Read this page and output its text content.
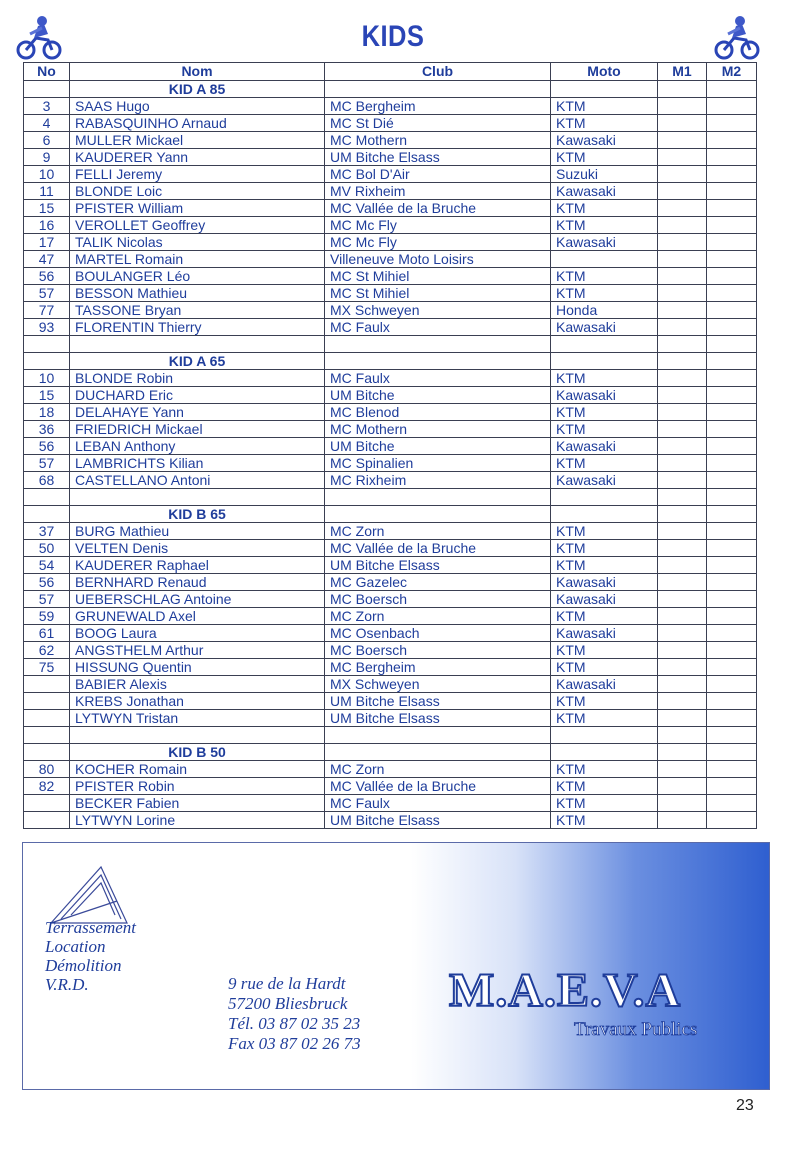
KIDS
No	Nom	Club	Moto	M1	M2
	KID A 85				
3	SAAS Hugo	MC Bergheim	KTM		
4	RABASQUINHO Arnaud	MC St Dié	KTM		
6	MULLER Mickael	MC Mothern	Kawasaki		
9	KAUDERER Yann	UM Bitche Elsass	KTM		
10	FELLI Jeremy	MC Bol D'Air	Suzuki		
11	BLONDE Loic	MV Rixheim	Kawasaki		
15	PFISTER William	MC Vallée de la Bruche	KTM		
16	VEROLLET Geoffrey	MC Mc Fly	KTM		
17	TALIK Nicolas	MC Mc Fly	Kawasaki		
47	MARTEL Romain	Villeneuve Moto Loisirs			
56	BOULANGER Léo	MC St Mihiel	KTM		
57	BESSON Mathieu	MC St Mihiel	KTM		
77	TASSONE Bryan	MX Schweyen	Honda		
93	FLORENTIN Thierry	MC Faulx	Kawasaki		

	KID A 65				
10	BLONDE Robin	MC Faulx	KTM		
15	DUCHARD Eric	UM Bitche	Kawasaki		
18	DELAHAYE Yann	MC Blenod	KTM		
36	FRIEDRICH Mickael	MC Mothern	KTM		
56	LEBAN Anthony	UM Bitche	Kawasaki		
57	LAMBRICHTS Kilian	MC Spinalien	KTM		
68	CASTELLANO Antoni	MC Rixheim	Kawasaki		

	KID B 65				
37	BURG Mathieu	MC Zorn	KTM		
50	VELTEN Denis	MC Vallée de la Bruche	KTM		
54	KAUDERER Raphael	UM Bitche Elsass	KTM		
56	BERNHARD Renaud	MC Gazelec	Kawasaki		
57	UEBERSCHLAG Antoine	MC Boersch	Kawasaki		
59	GRUNEWALD Axel	MC Zorn	KTM		
61	BOOG Laura	MC Osenbach	Kawasaki		
62	ANGSTHELM Arthur	MC Boersch	KTM		
75	HISSUNG Quentin	MC Bergheim	KTM		
	BABIER Alexis	MX Schweyen	Kawasaki		
	KREBS Jonathan	UM Bitche Elsass	KTM		
	LYTWYN Tristan	UM Bitche Elsass	KTM		

	KID B 50				
80	KOCHER Romain	MC Zorn	KTM		
82	PFISTER Robin	MC Vallée de la Bruche	KTM		
	BECKER Fabien	MC Faulx	KTM		
	LYTWYN Lorine	UM Bitche Elsass	KTM		
Terrassement
Location
Démolition
V.R.D.	9 rue de la Hardt
57200 Bliesbruck
Tél. 03 87 02 35 23
Fax 03 87 02 26 73
M.A.E.V.A
Travaux Publics
23
